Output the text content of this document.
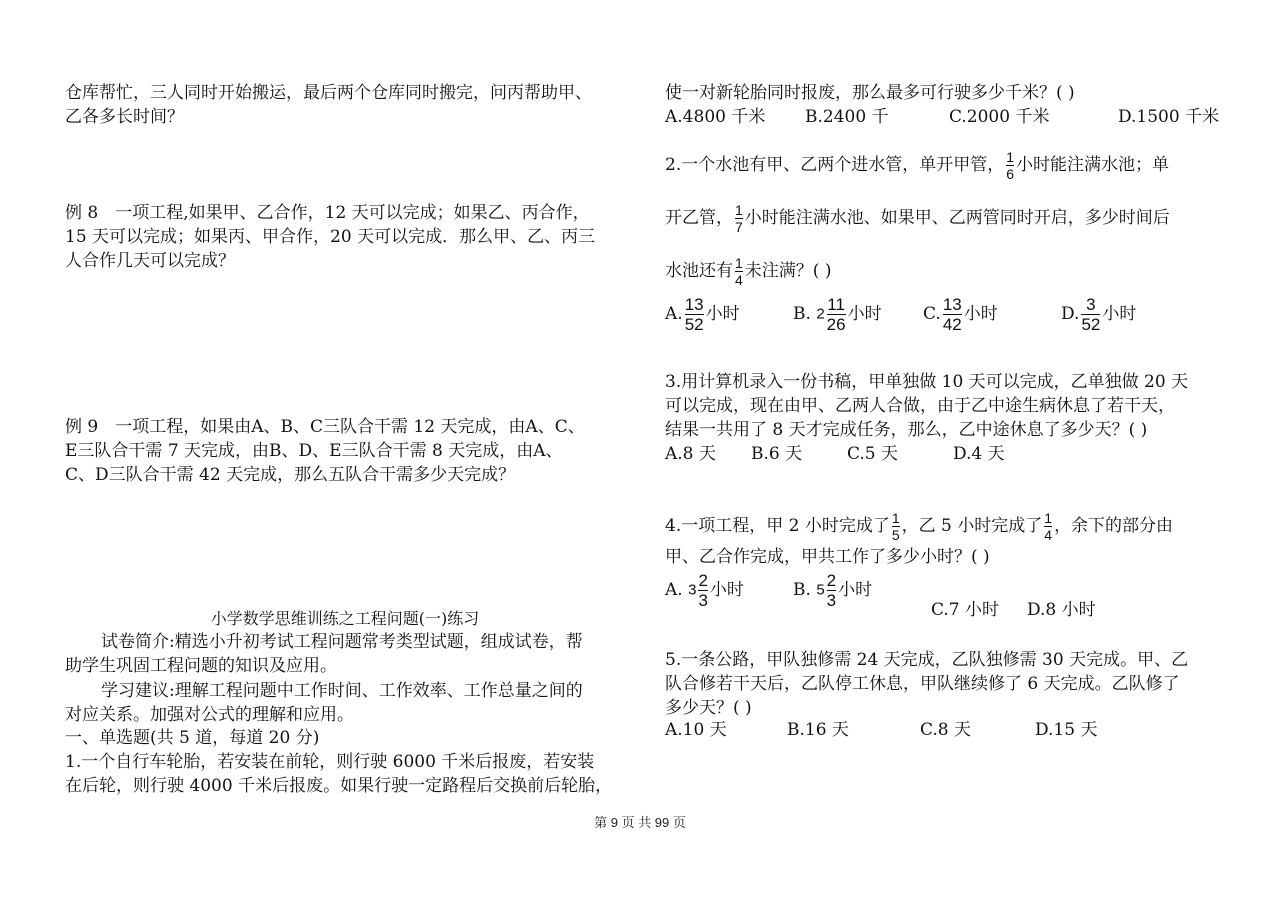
仓库帮忙，三人同时开始搬运，最后两个仓库同时搬完，问丙帮助甲、
乙各多长时间？
例 8　一项工程,如果甲、乙合作，12 天可以完成；如果乙、丙合作，
15 天可以完成；如果丙、甲合作，20 天可以完成．那么甲、乙、丙三
人合作几天可以完成？
例 9　一项工程，如果由A、B、C三队合干需 12 天完成，由A、C、
E三队合干需 7 天完成，由B、D、E三队合干需 8 天完成，由A、
C、D三队合干需 42 天完成，那么五队合干需多少天完成？
小学数学思维训练之工程问题(一)练习
试卷简介:精选小升初考试工程问题常考类型试题，组成试卷，帮
助学生巩固工程问题的知识及应用。
学习建议:理解工程问题中工作时间、工作效率、工作总量之间的
对应关系。加强对公式的理解和应用。
一、单选题(共 5 道，每道 20 分)
1.一个自行车轮胎，若安装在前轮，则行驶 6000 千米后报废，若安装
在后轮，则行驶 4000 千米后报废。如果行驶一定路程后交换前后轮胎，
使一对新轮胎同时报废，那么最多可行驶多少千米？( )
A.4800 千米 B.2400 千	C.2000 千米	D.1500 千米
2.一个水池有甲、乙两个进水管，单开甲管， $\frac{1}{6}$ 小时能注满水池；单
开乙管， $\frac{1}{7}$ 小时能注满水池、如果甲、乙两管同时开启，多少时间后
水池还有 $\frac{1}{4}$ 未注满？( )
A. $\frac{13}{52}$ 小时	B. $2 \frac{11}{26}$ 小时 C. $\frac{13}{42}$ 小时	D. $\frac{3}{52}$ 小时
3.用计算机录入一份书稿，甲单独做 10 天可以完成，乙单独做 20 天
可以完成，现在由甲、乙两人合做，由于乙中途生病休息了若干天，
结果一共用了 8 天才完成任务，那么，乙中途休息了多少天？( )
A.8 天 B.6 天	C.5 天	D.4 天
4.一项工程，甲 2 小时完成了 $\frac{1}{5}$ ，乙 5 小时完成了 $\frac{1}{4}$ ，余下的部分由
甲、乙合作完成，甲共工作了多少小时？( )
A. $3 \frac{2}{3}$ 小时	B. $5 \frac{2}{3}$ 小时
C.7 小时 D.8 小时
5.一条公路，甲队独修需 24 天完成，乙队独修需 30 天完成。甲、乙
队合修若干天后，乙队停工休息，甲队继续修了 6 天完成。乙队修了
多少天？( )
A.10 天	B.16 天	C.8 天	D.15 天
第 9 页 共 99 页
